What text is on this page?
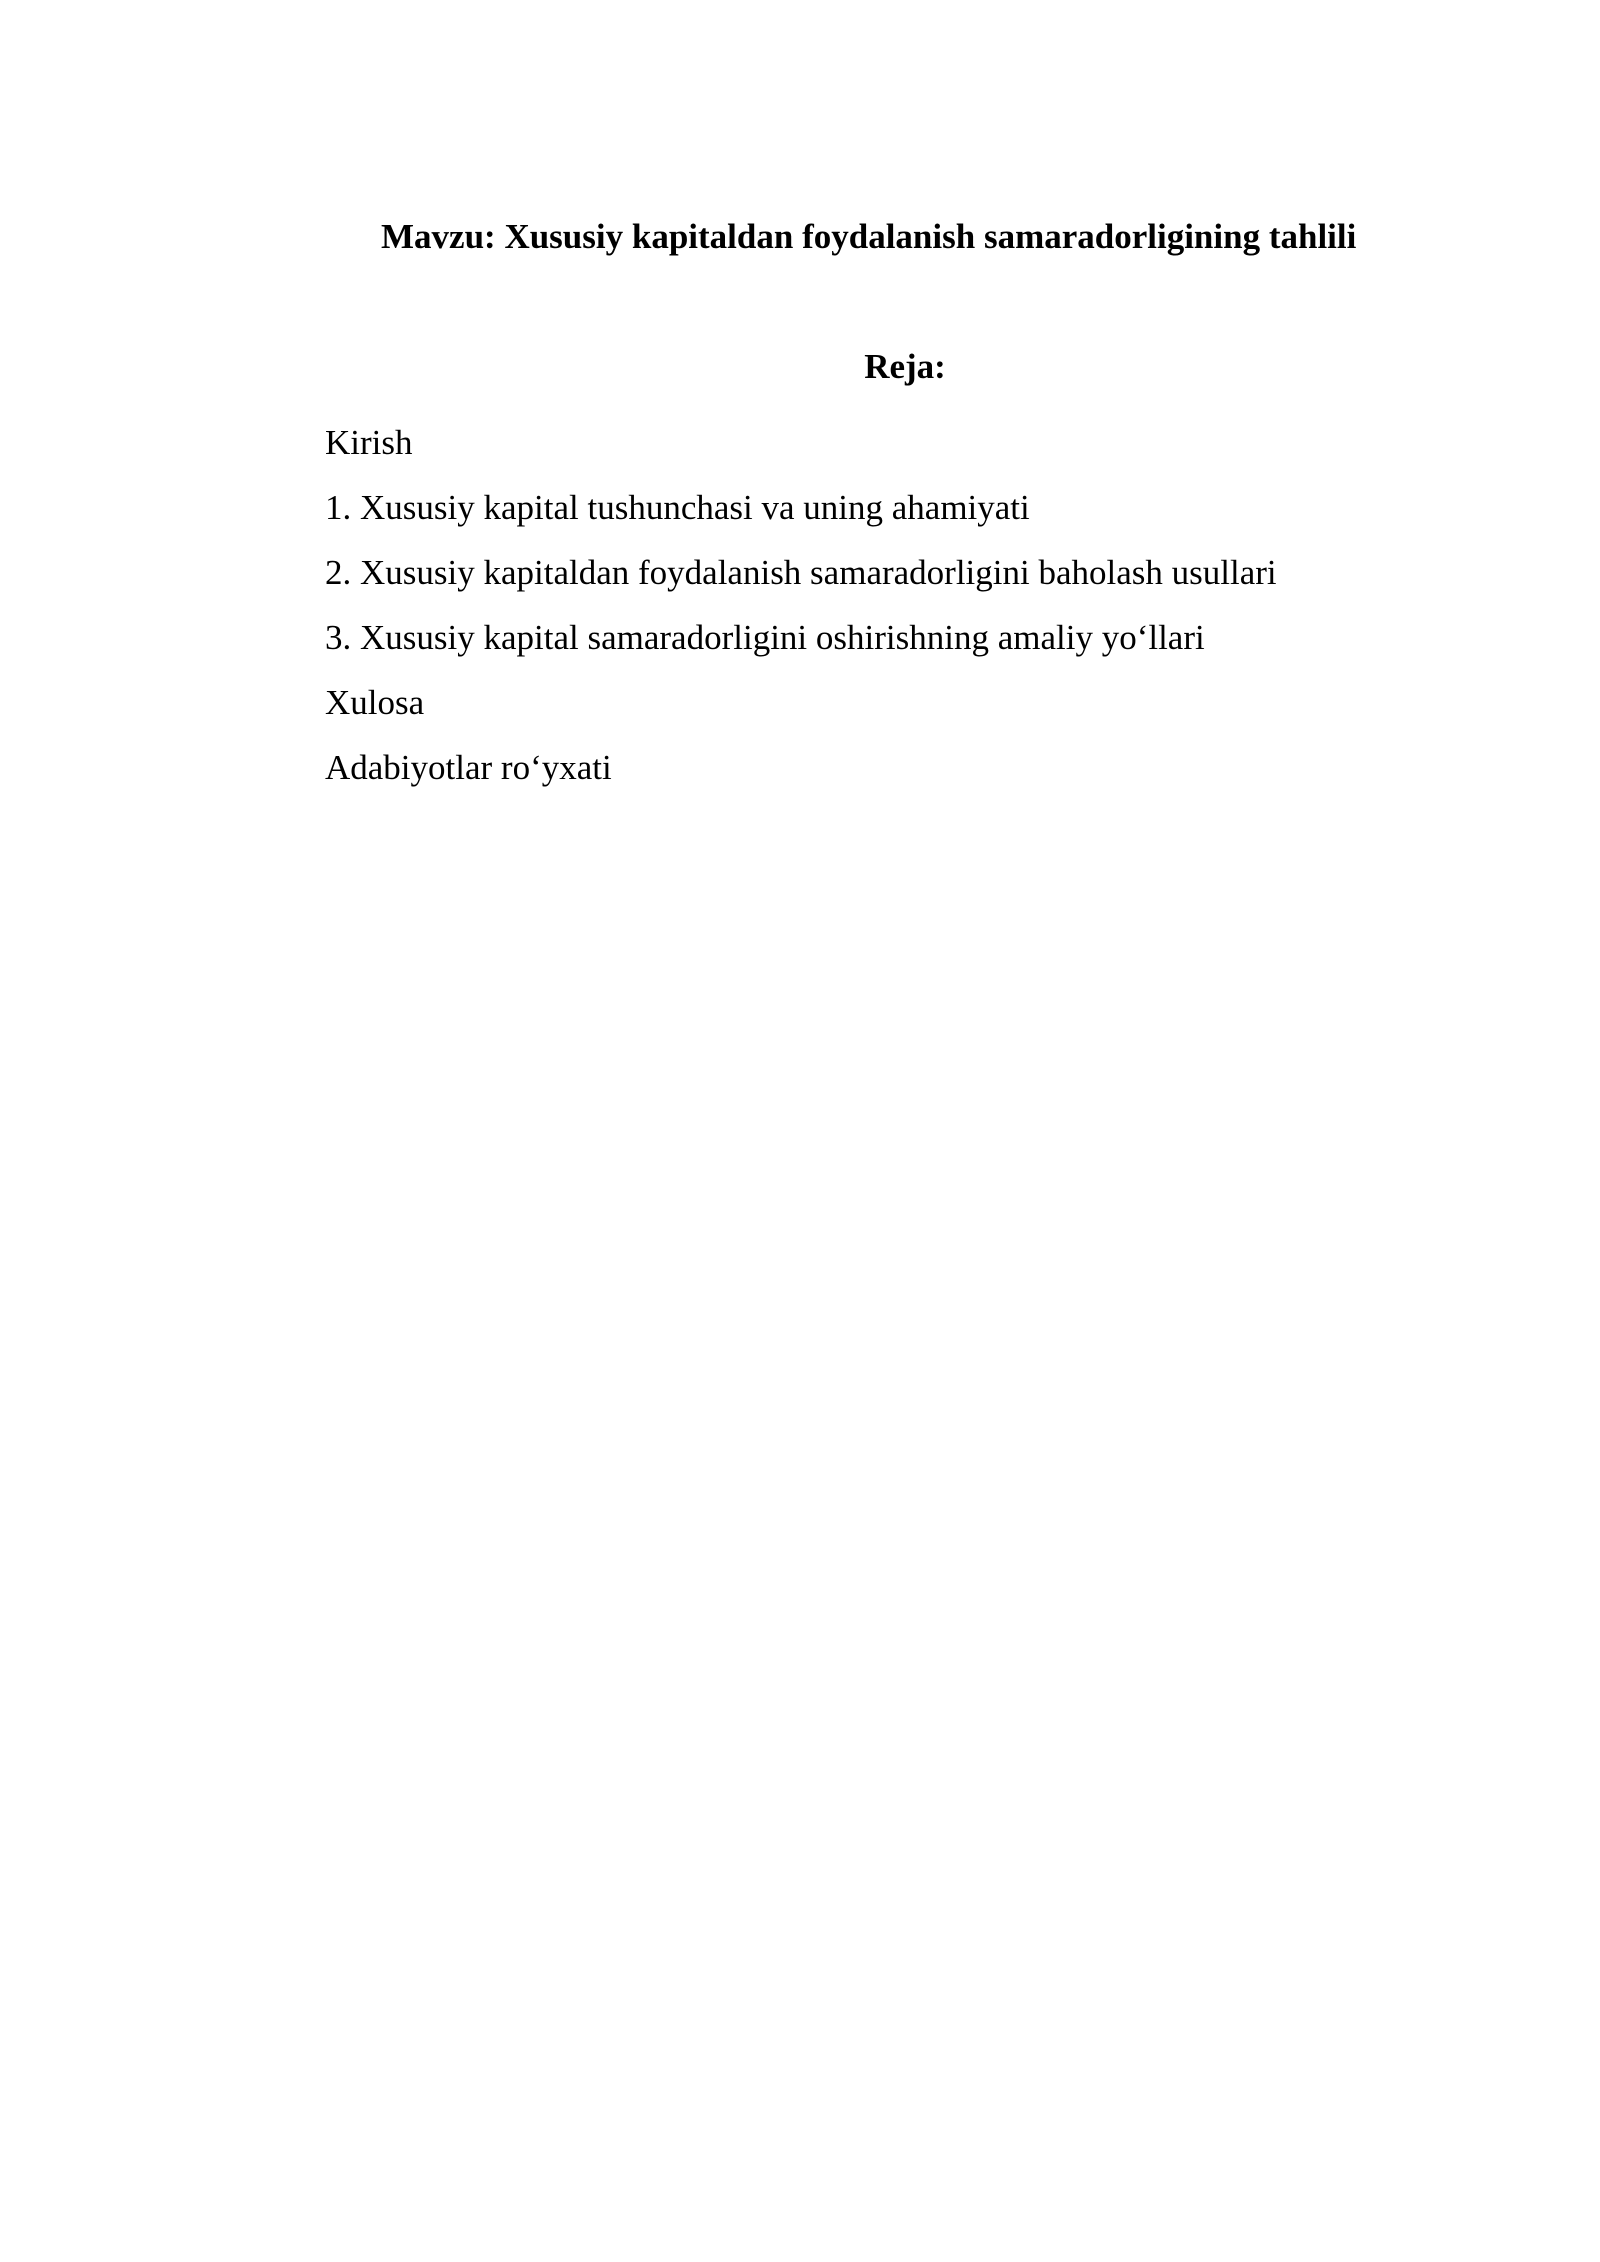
Mavzu: Xususiy kapitaldan foydalanish samaradorligining tahlili
Reja:
Kirish
1. Xususiy kapital tushunchasi va uning ahamiyati
2. Xususiy kapitaldan foydalanish samaradorligini baholash usullari
3. Xususiy kapital samaradorligini oshirishning amaliy yo‘llari
Xulosa
Adabiyotlar ro‘yxati
